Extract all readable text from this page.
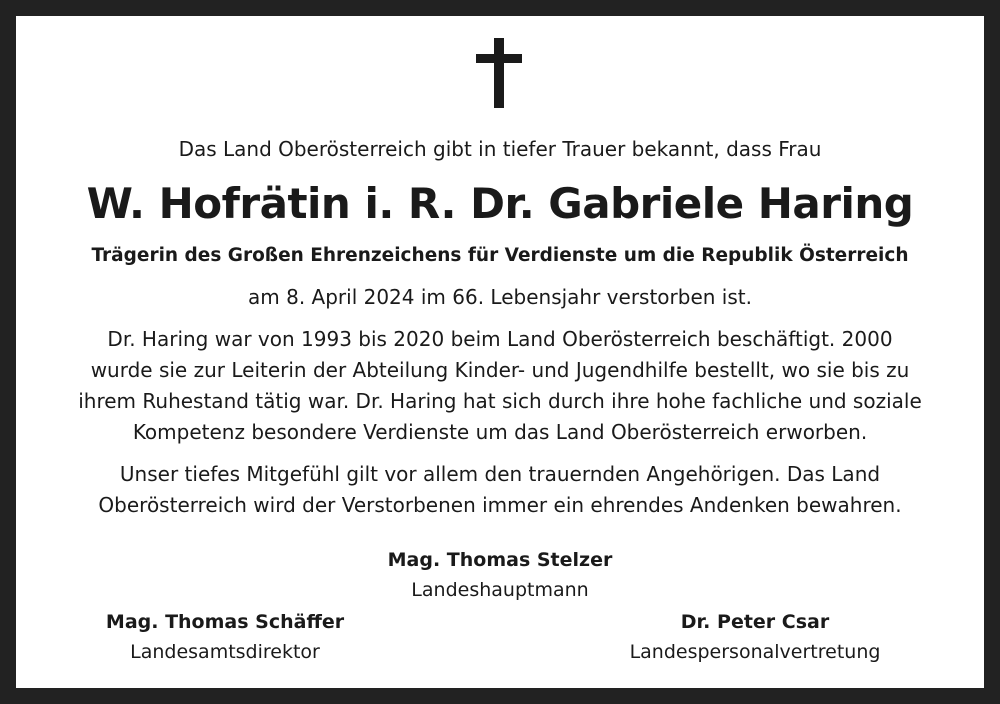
Das Land Oberösterreich gibt in tiefer Trauer bekannt, dass Frau
W. Hofrätin i. R. Dr. Gabriele Haring
Trägerin des Großen Ehrenzeichens für Verdienste um die Republik Österreich
am 8. April 2024 im 66. Lebensjahr verstorben ist.
Dr. Haring war von 1993 bis 2020 beim Land Oberösterreich beschäftigt. 2000
wurde sie zur Leiterin der Abteilung Kinder- und Jugendhilfe bestellt, wo sie bis zu
ihrem Ruhestand tätig war. Dr. Haring hat sich durch ihre hohe fachliche und soziale
Kompetenz besondere Verdienste um das Land Oberösterreich erworben.
Unser tiefes Mitgefühl gilt vor allem den trauernden Angehörigen. Das Land
Oberösterreich wird der Verstorbenen immer ein ehrendes Andenken bewahren.
Mag. Thomas Stelzer
Landeshauptmann
Mag. Thomas Schäffer
Landesamtsdirektor
Dr. Peter Csar
Landespersonalvertretung
